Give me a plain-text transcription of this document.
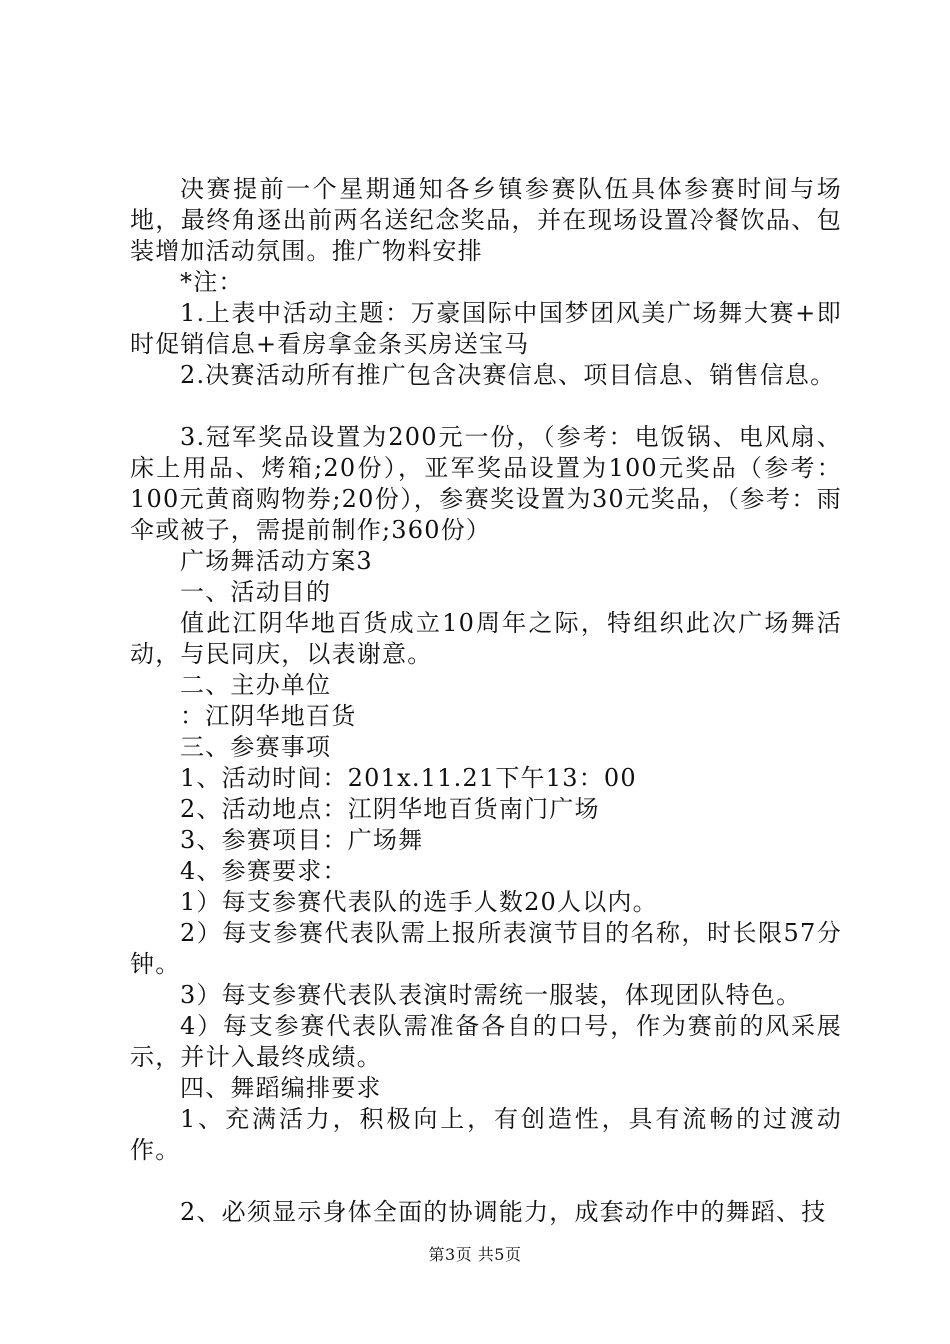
决赛提前一个星期通知各乡镇参赛队伍具体参赛时间与场地，最终角逐出前两名送纪念奖品，并在现场设置冷餐饮品、包装增加活动氛围。推广物料安排

*注：

1.上表中活动主题：万豪国际中国梦团风美广场舞大赛+即时促销信息+看房拿金条买房送宝马

2.决赛活动所有推广包含决赛信息、项目信息、销售信息。

3.冠军奖品设置为200元一份，（参考：电饭锅、电风扇、床上用品、烤箱;20份），亚军奖品设置为100元奖品（参考：100元黄商购物券;20份），参赛奖设置为30元奖品，（参考：雨伞或被子，需提前制作;360份）

广场舞活动方案3

一、活动目的

值此江阴华地百货成立10周年之际，特组织此次广场舞活动，与民同庆，以表谢意。

二、主办单位

：江阴华地百货

三、参赛事项

1、活动时间：201x.11.21下午13：00

2、活动地点：江阴华地百货南门广场

3、参赛项目：广场舞

4、参赛要求：

1）每支参赛代表队的选手人数20人以内。

2）每支参赛代表队需上报所表演节目的名称，时长限57分钟。

3）每支参赛代表队表演时需统一服装，体现团队特色。

4）每支参赛代表队需准备各自的口号，作为赛前的风采展示，并计入最终成绩。

四、舞蹈编排要求

1、充满活力，积极向上，有创造性，具有流畅的过渡动作。

2、必须显示身体全面的协调能力，成套动作中的舞蹈、技

第3页 共5页
